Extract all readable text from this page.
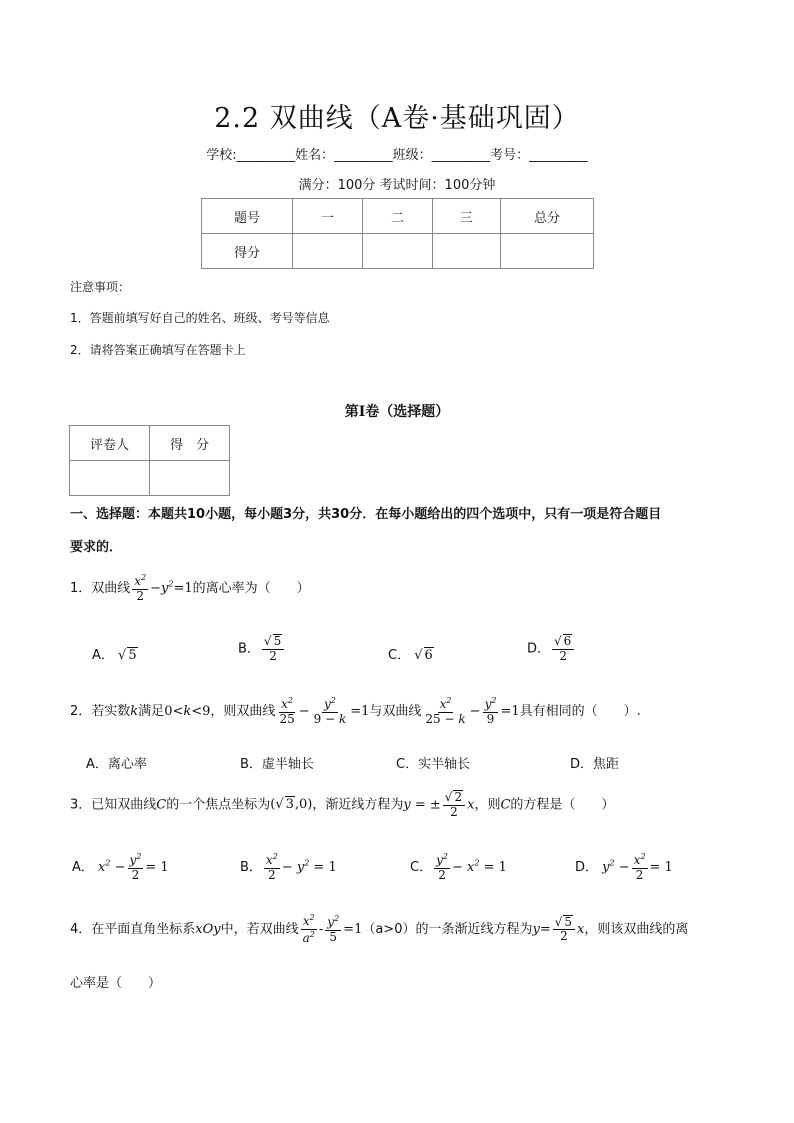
2.2 双曲线（A卷·基础巩固）
学校:_________姓名：_________班级：_________考号：_________
满分：100分 考试时间：100分钟
题号	一	二	三	总分
得分				
注意事项：
1．答题前填写好自己的姓名、班级、考号等信息
2．请将答案正确填写在答题卡上
第I卷（选择题）
评卷人	得　分

一、选择题：本题共10小题，每小题3分，共30分．在每小题给出的四个选项中，只有一项是符合题目
要求的．
1．双曲线 $\frac{x^2}{2} -y^2=1$的离心率为（　　）
A． √ 5	B． $\frac{√ 5}{2}$	C． √ 6	D． $\frac{√ 6}{2}$
2．若实数k满足0<k<9，则双曲线 $\frac{x^2}{25} - \frac{y^2}{9 - k} =1$与双曲线 $\frac{x^2}{25 - k} - \frac{y^2}{9} =1$具有相同的（　　）.
A．离心率	B．虚半轴长	C．实半轴长	D．焦距
3．已知双曲线C的一个焦点坐标为(√ 3,0)，渐近线方程为y = ± $\frac{√ 2}{2}$ x，则C的方程是（　　）
A． $x^2 - \frac{y^2}{2} = 1$	B． $\frac{x^2}{2} - y^2 = 1$	C． $\frac{y^2}{2} - x^2 = 1$	D． $y^2 - \frac{x^2}{2} = 1$
4．在平面直角坐标系xOy中，若双曲线 $\frac{x^2}{a^2} - \frac{y^2}{5} =1(a>0)$的一条渐近线方程为$y= \frac{√ 5}{2}$ x，则该双曲线的离
心率是（　　）
